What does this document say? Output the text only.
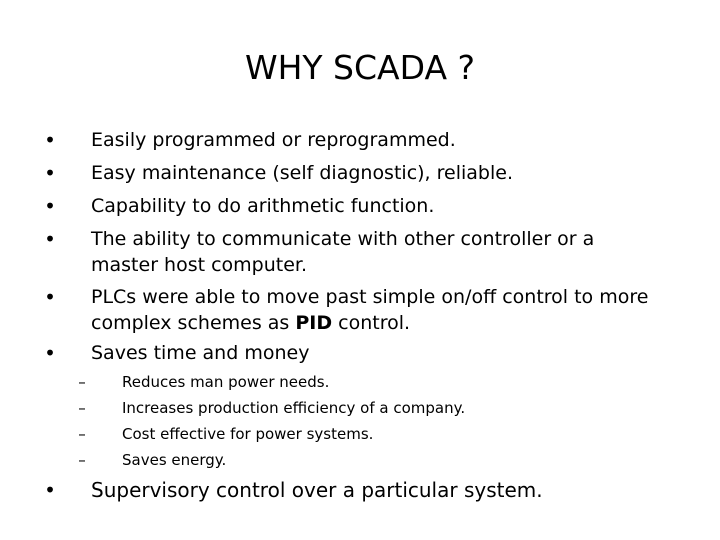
WHY SCADA ?
• Easily programmed or reprogrammed.
• Easy maintenance (self diagnostic), reliable.
• Capability to do arithmetic function.
• The ability to communicate with other controller or a
master host computer.
• PLCs were able to move past simple on/off control to more
complex schemes as PID control.
• Saves time and money
–	Reduces man power needs.
–	Increases production efficiency of a company.
–	Cost effective for power systems.
–	Saves energy.
• Supervisory control over a particular system.
